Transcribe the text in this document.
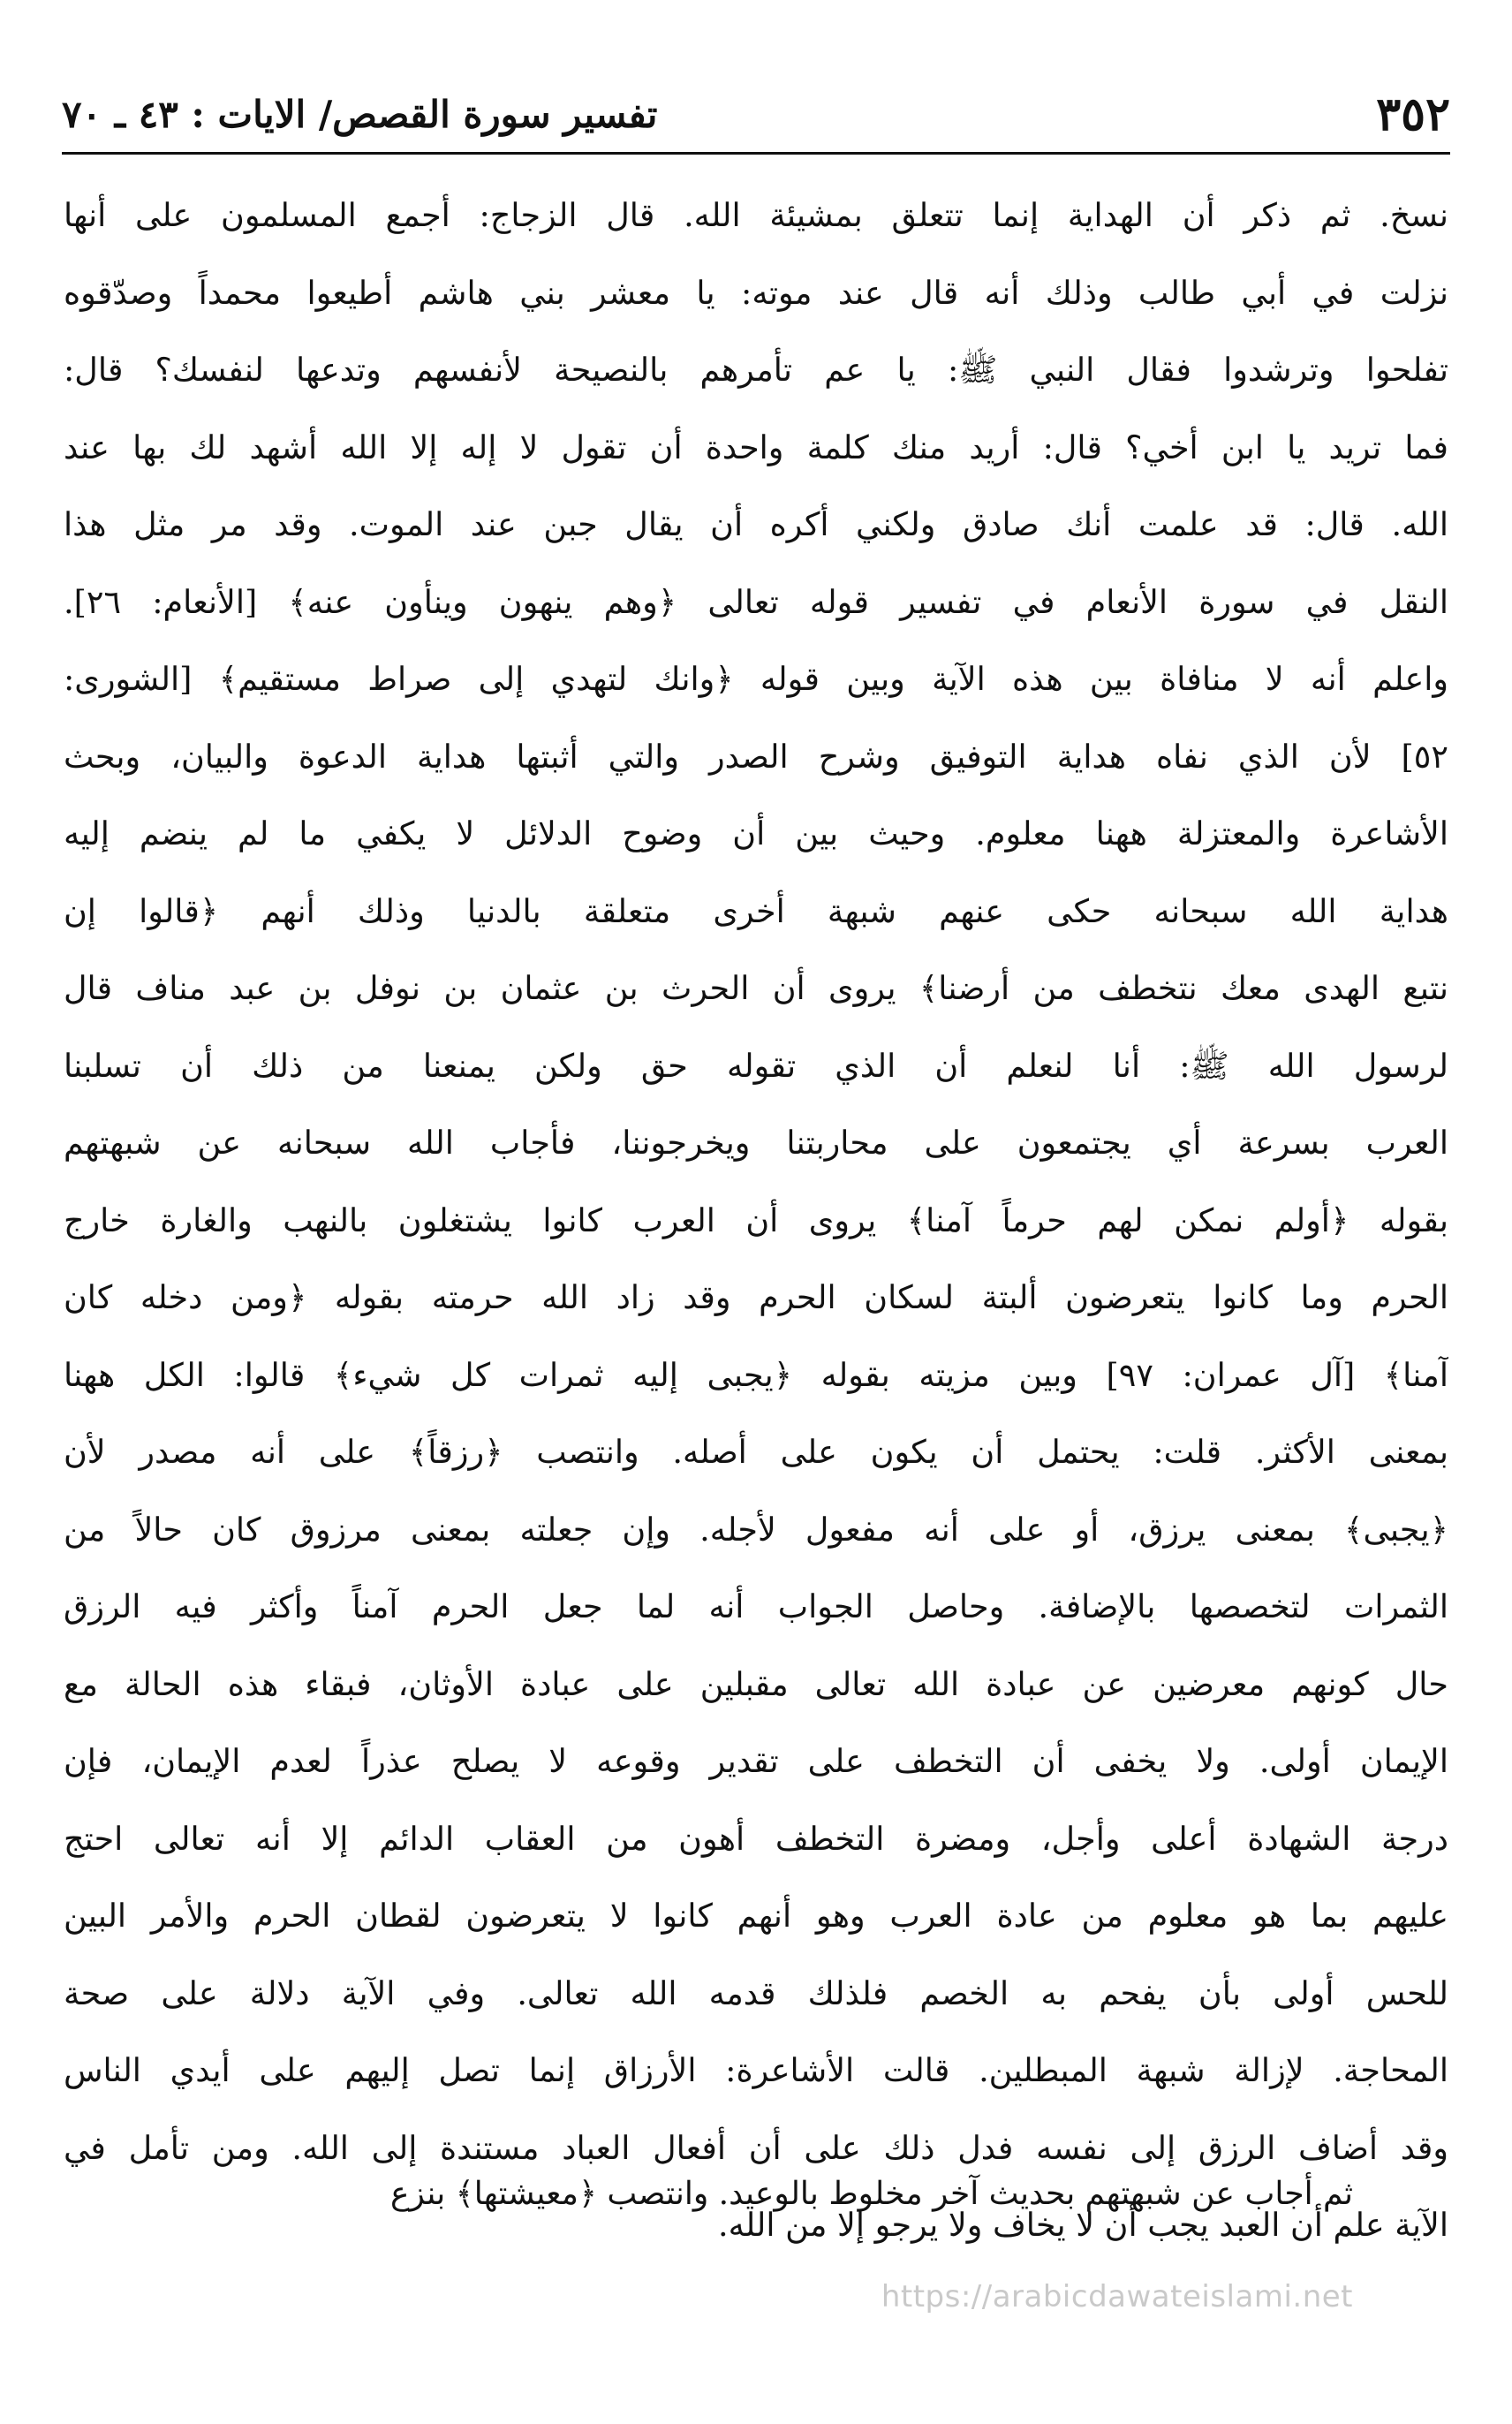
٣٥٢
تفسير سورة القصص/ الايات : ٤٣ ـ ٧٠
نسخ. ثم ذكر أن الهداية إنما تتعلق بمشيئة الله. قال الزجاج: أجمع المسلمون على أنها
نزلت في أبي طالب وذلك أنه قال عند موته: يا معشر بني هاشم أطيعوا محمداً وصدّقوه
تفلحوا وترشدوا فقال النبي ﷺ: يا عم تأمرهم بالنصيحة لأنفسهم وتدعها لنفسك؟ قال:
فما تريد يا ابن أخي؟ قال: أريد منك كلمة واحدة أن تقول لا إله إلا الله أشهد لك بها عند
الله. قال: قد علمت أنك صادق ولكني أكره أن يقال جبن عند الموت. وقد مر مثل هذا
النقل في سورة الأنعام في تفسير قوله تعالى ﴿وهم ينهون وينأون عنه﴾ [الأنعام: ٢٦].
واعلم أنه لا منافاة بين هذه الآية وبين قوله ﴿وانك لتهدي إلى صراط مستقيم﴾ [الشورى:
٥٢] لأن الذي نفاه هداية التوفيق وشرح الصدر والتي أثبتها هداية الدعوة والبيان، وبحث
الأشاعرة والمعتزلة ههنا معلوم. وحيث بين أن وضوح الدلائل لا يكفي ما لم ينضم إليه
هداية الله سبحانه حكى عنهم شبهة أخرى متعلقة بالدنيا وذلك أنهم ﴿قالوا إن
نتبع الهدى معك نتخطف من أرضنا﴾ يروى أن الحرث بن عثمان بن نوفل بن عبد مناف قال
لرسول الله ﷺ: أنا لنعلم أن الذي تقوله حق ولكن يمنعنا من ذلك أن تسلبنا
العرب بسرعة أي يجتمعون على محاربتنا ويخرجوننا، فأجاب الله سبحانه عن شبهتهم
بقوله ﴿أولم نمكن لهم حرماً آمنا﴾ يروى أن العرب كانوا يشتغلون بالنهب والغارة خارج
الحرم وما كانوا يتعرضون ألبتة لسكان الحرم وقد زاد الله حرمته بقوله ﴿ومن دخله كان
آمنا﴾ [آل عمران: ٩٧] وبين مزيته بقوله ﴿يجبى إليه ثمرات كل شيء﴾ قالوا: الكل ههنا
بمعنى الأكثر. قلت: يحتمل أن يكون على أصله. وانتصب ﴿رزقاً﴾ على أنه مصدر لأن
﴿يجبى﴾ بمعنى يرزق، أو على أنه مفعول لأجله. وإن جعلته بمعنى مرزوق كان حالاً من
الثمرات لتخصصها بالإضافة. وحاصل الجواب أنه لما جعل الحرم آمناً وأكثر فيه الرزق
حال كونهم معرضين عن عبادة الله تعالى مقبلين على عبادة الأوثان، فبقاء هذه الحالة مع
الإيمان أولى. ولا يخفى أن التخطف على تقدير وقوعه لا يصلح عذراً لعدم الإيمان، فإن
درجة الشهادة أعلى وأجل، ومضرة التخطف أهون من العقاب الدائم إلا أنه تعالى احتج
عليهم بما هو معلوم من عادة العرب وهو أنهم كانوا لا يتعرضون لقطان الحرم والأمر البين
للحس أولى بأن يفحم به الخصم فلذلك قدمه الله تعالى. وفي الآية دلالة على صحة
المحاجة. لإزالة شبهة المبطلين. قالت الأشاعرة: الأرزاق إنما تصل إليهم على أيدي الناس
وقد أضاف الرزق إلى نفسه فدل ذلك على أن أفعال العباد مستندة إلى الله. ومن تأمل في
الآية علم أن العبد يجب أن لا يخاف ولا يرجو إلا من الله.
ثم أجاب عن شبهتهم بحديث آخر مخلوط بالوعيد. وانتصب ﴿معيشتها﴾ بنزع
https://arabicdawateislami.net
